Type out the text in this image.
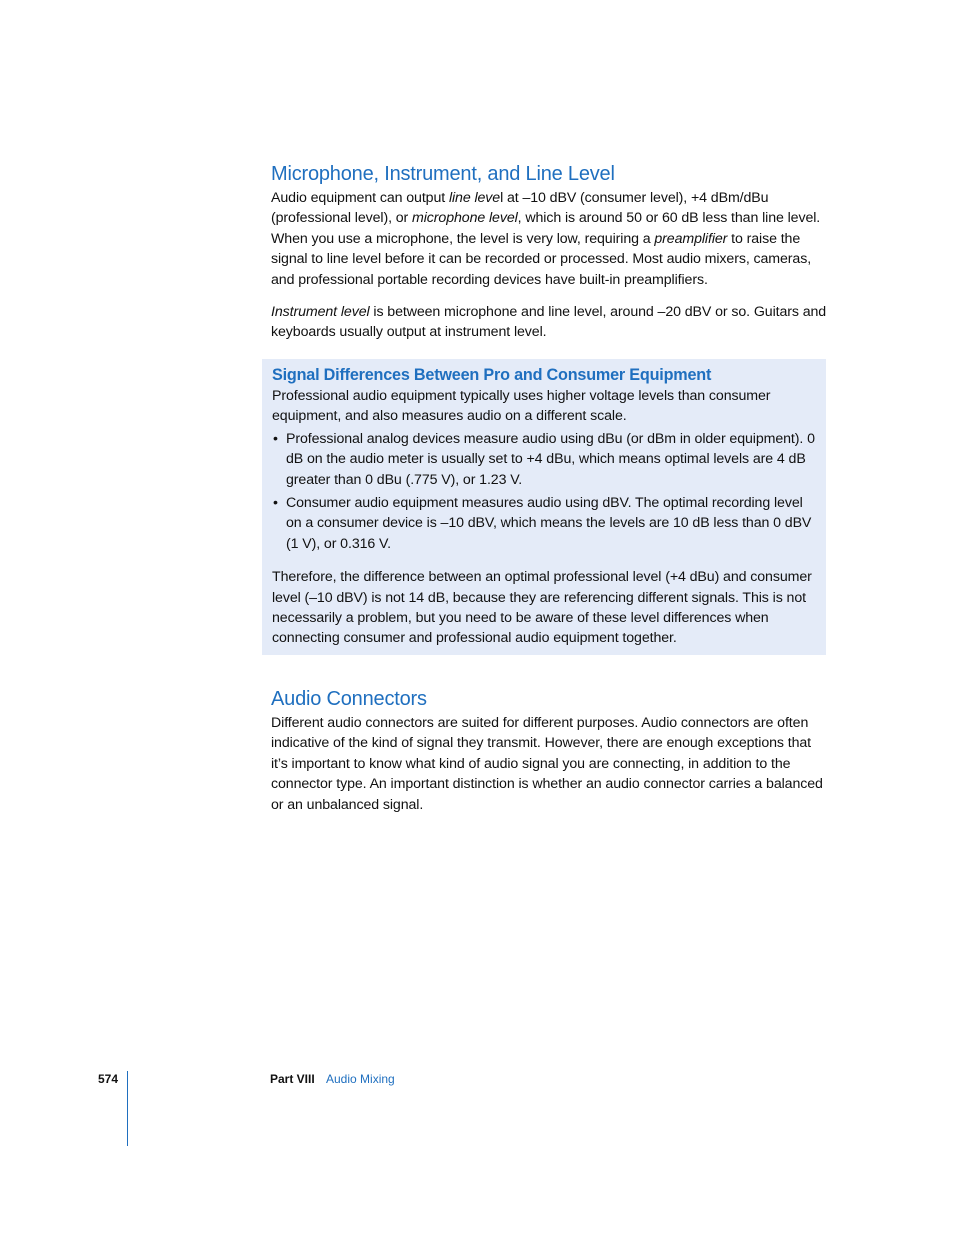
Microphone, Instrument, and Line Level

Audio equipment can output line level at –10 dBV (consumer level), +4 dBm/dBu (professional level), or microphone level, which is around 50 or 60 dB less than line level. When you use a microphone, the level is very low, requiring a preamplifier to raise the signal to line level before it can be recorded or processed. Most audio mixers, cameras, and professional portable recording devices have built-in preamplifiers.

Instrument level is between microphone and line level, around –20 dBV or so. Guitars and keyboards usually output at instrument level.

Signal Differences Between Pro and Consumer Equipment

Professional audio equipment typically uses higher voltage levels than consumer equipment, and also measures audio on a different scale.

• Professional analog devices measure audio using dBu (or dBm in older equipment). 0 dB on the audio meter is usually set to +4 dBu, which means optimal levels are 4 dB greater than 0 dBu (.775 V), or 1.23 V.
• Consumer audio equipment measures audio using dBV. The optimal recording level on a consumer device is –10 dBV, which means the levels are 10 dB less than 0 dBV (1 V), or 0.316 V.

Therefore, the difference between an optimal professional level (+4 dBu) and consumer level (–10 dBV) is not 14 dB, because they are referencing different signals. This is not necessarily a problem, but you need to be aware of these level differences when connecting consumer and professional audio equipment together.

Audio Connectors

Different audio connectors are suited for different purposes. Audio connectors are often indicative of the kind of signal they transmit. However, there are enough exceptions that it’s important to know what kind of audio signal you are connecting, in addition to the connector type. An important distinction is whether an audio connector carries a balanced or an unbalanced signal.

574	Part VIII Audio Mixing
